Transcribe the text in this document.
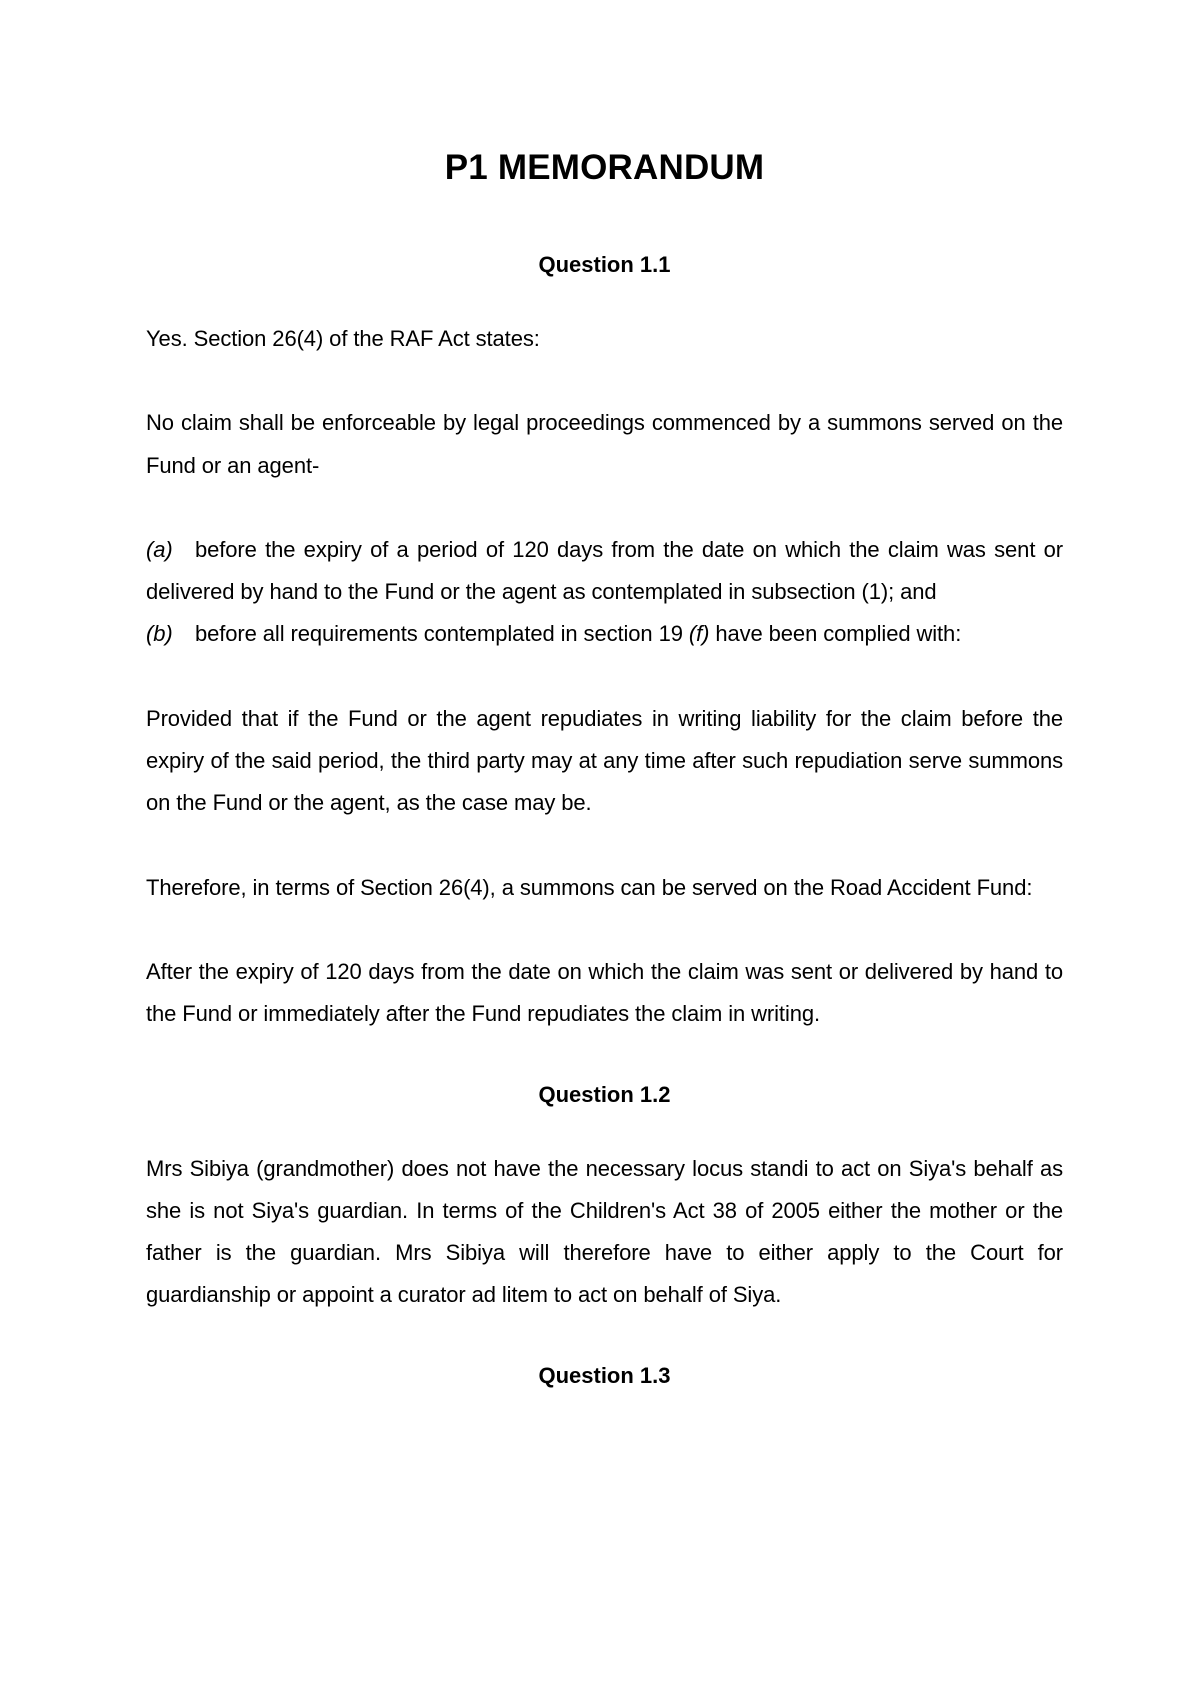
P1 MEMORANDUM
Question 1.1

Yes. Section 26(4) of the RAF Act states:

No claim shall be enforceable by legal proceedings commenced by a summons served on the Fund or an agent-

(a) before the expiry of a period of 120 days from the date on which the claim was sent or delivered by hand to the Fund or the agent as contemplated in subsection (1); and

(b) before all requirements contemplated in section 19 (f) have been complied with:

Provided that if the Fund or the agent repudiates in writing liability for the claim before the expiry of the said period, the third party may at any time after such repudiation serve summons on the Fund or the agent, as the case may be.

Therefore, in terms of Section 26(4), a summons can be served on the Road Accident Fund:

After the expiry of 120 days from the date on which the claim was sent or delivered by hand to the Fund or immediately after the Fund repudiates the claim in writing.

Question 1.2

Mrs Sibiya (grandmother) does not have the necessary locus standi to act on Siya's behalf as she is not Siya's guardian. In terms of the Children's Act 38 of 2005 either the mother or the father is the guardian. Mrs Sibiya will therefore have to either apply to the Court for guardianship or appoint a curator ad litem to act on behalf of Siya.

Question 1.3
